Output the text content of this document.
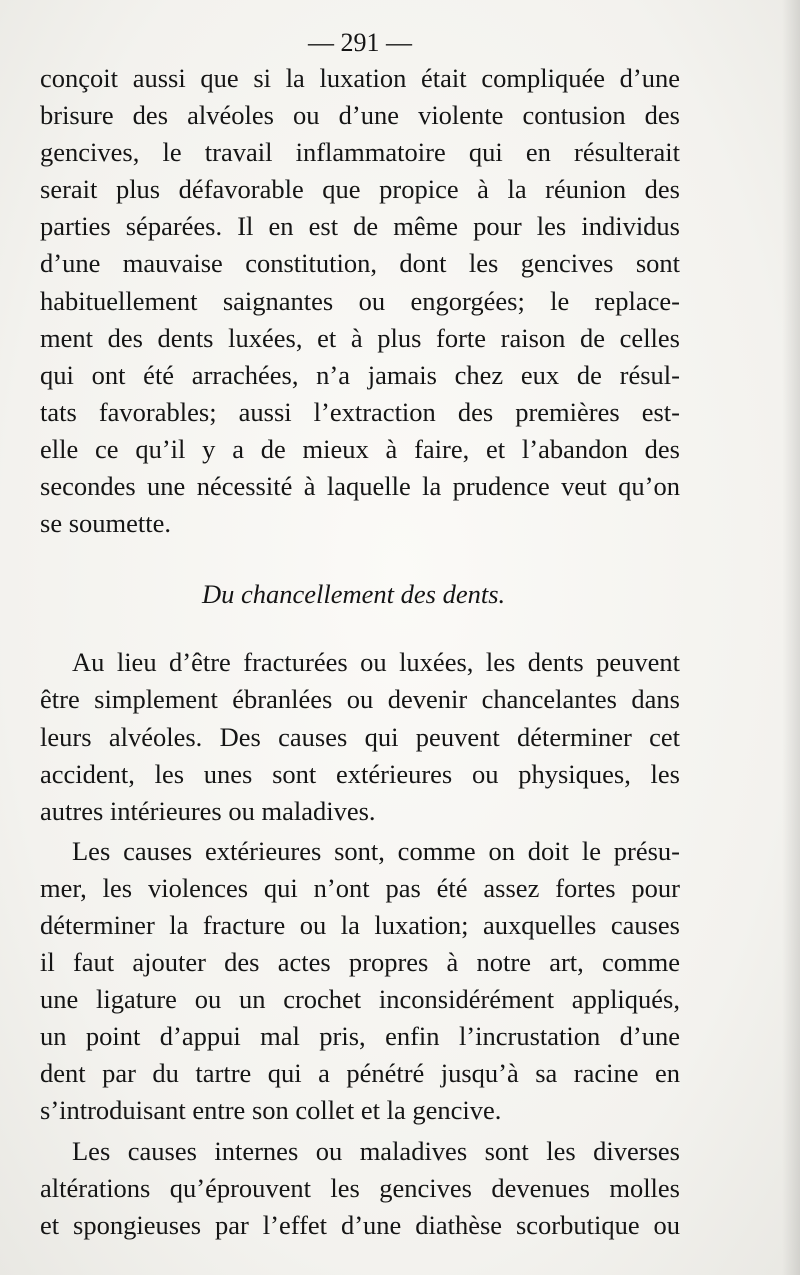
— 291 —
conçoit aussi que si la luxation était compliquée d’une
brisure des alvéoles ou d’une violente contusion des
gencives, le travail inflammatoire qui en résulterait
serait plus défavorable que propice à la réunion des
parties séparées. Il en est de même pour les individus
d’une mauvaise constitution, dont les gencives sont
habituellement saignantes ou engorgées; le replace-
ment des dents luxées, et à plus forte raison de celles
qui ont été arrachées, n’a jamais chez eux de résul-
tats favorables; aussi l’extraction des premières est-
elle ce qu’il y a de mieux à faire, et l’abandon des
secondes une nécessité à laquelle la prudence veut qu’on
se soumette.
Du chancellement des dents.
Au lieu d’être fracturées ou luxées, les dents peuvent
être simplement ébranlées ou devenir chancelantes dans
leurs alvéoles. Des causes qui peuvent déterminer cet
accident, les unes sont extérieures ou physiques, les
autres intérieures ou maladives.
Les causes extérieures sont, comme on doit le présu-
mer, les violences qui n’ont pas été assez fortes pour
déterminer la fracture ou la luxation; auxquelles causes
il faut ajouter des actes propres à notre art, comme
une ligature ou un crochet inconsidérément appliqués,
un point d’appui mal pris, enfin l’incrustation d’une
dent par du tartre qui a pénétré jusqu’à sa racine en
s’introduisant entre son collet et la gencive.
Les causes internes ou maladives sont les diverses
altérations qu’éprouvent les gencives devenues molles
et spongieuses par l’effet d’une diathèse scorbutique ou
